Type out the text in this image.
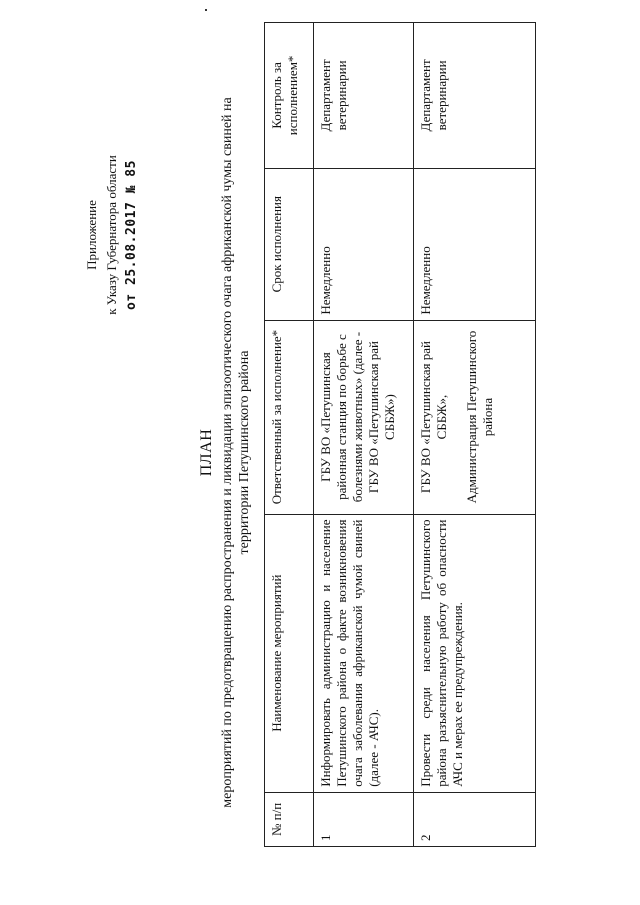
Приложение к Указу Губернатора области от 25.08.2017 № 85
ПЛАН мероприятий по предотвращению распространения и ликвидации эпизоотического очага африканской чумы свиней на территории Петушинского района
№ п/п	Наименование мероприятий	Ответственный за исполнение*	Срок исполнения	Контроль за исполнением*
1	Информировать администрацию и население Петушинского района о факте возникновения очага заболевания африканской чумой свиней (далее - АЧС).	ГБУ ВО «Петушинская районная станция по борьбе с болезнями животных» (далее - ГБУ ВО «Петушинская рай СББЖ»)	Немедленно	Департамент ветеринарии
2	Провести среди населения Петушинского района разъяснительную работу об опасности АЧС и мерах ее предупреждения.	ГБУ ВО «Петушинская рай СББЖ», Администрация Петушинского района	Немедленно	Департамент ветеринарии
